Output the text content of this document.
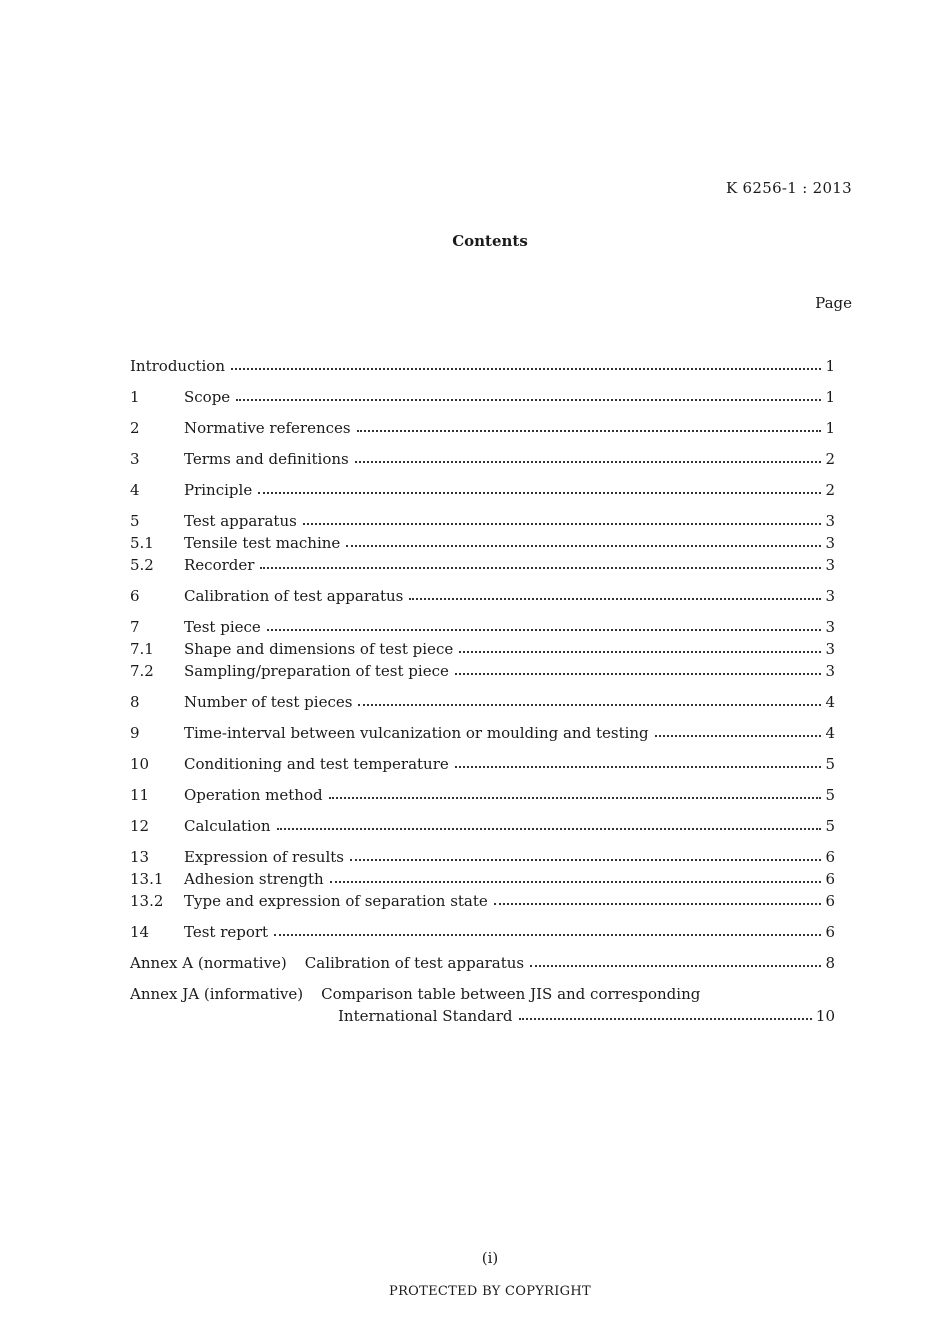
K 6256-1 : 2013
Contents
Page
Introduction	1
1	Scope	1
2	Normative references	1
3	Terms and definitions	2
4	Principle	2
5	Test apparatus	3
5.1	Tensile test machine	3
5.2	Recorder	3
6	Calibration of test apparatus	3
7	Test piece	3
7.1	Shape and dimensions of test piece	3
7.2	Sampling/preparation of test piece	3
8	Number of test pieces	4
9	Time-interval between vulcanization or moulding and testing	4
10	Conditioning and test temperature	5
11	Operation method	5
12	Calculation	5
13	Expression of results	6
13.1	Adhesion strength	6
13.2	Type and expression of separation state	6
14	Test report	6
Annex A (normative) Calibration of test apparatus	8
Annex JA (informative) Comparison table between JIS and corresponding
International Standard	10
(i)
PROTECTED BY COPYRIGHT
